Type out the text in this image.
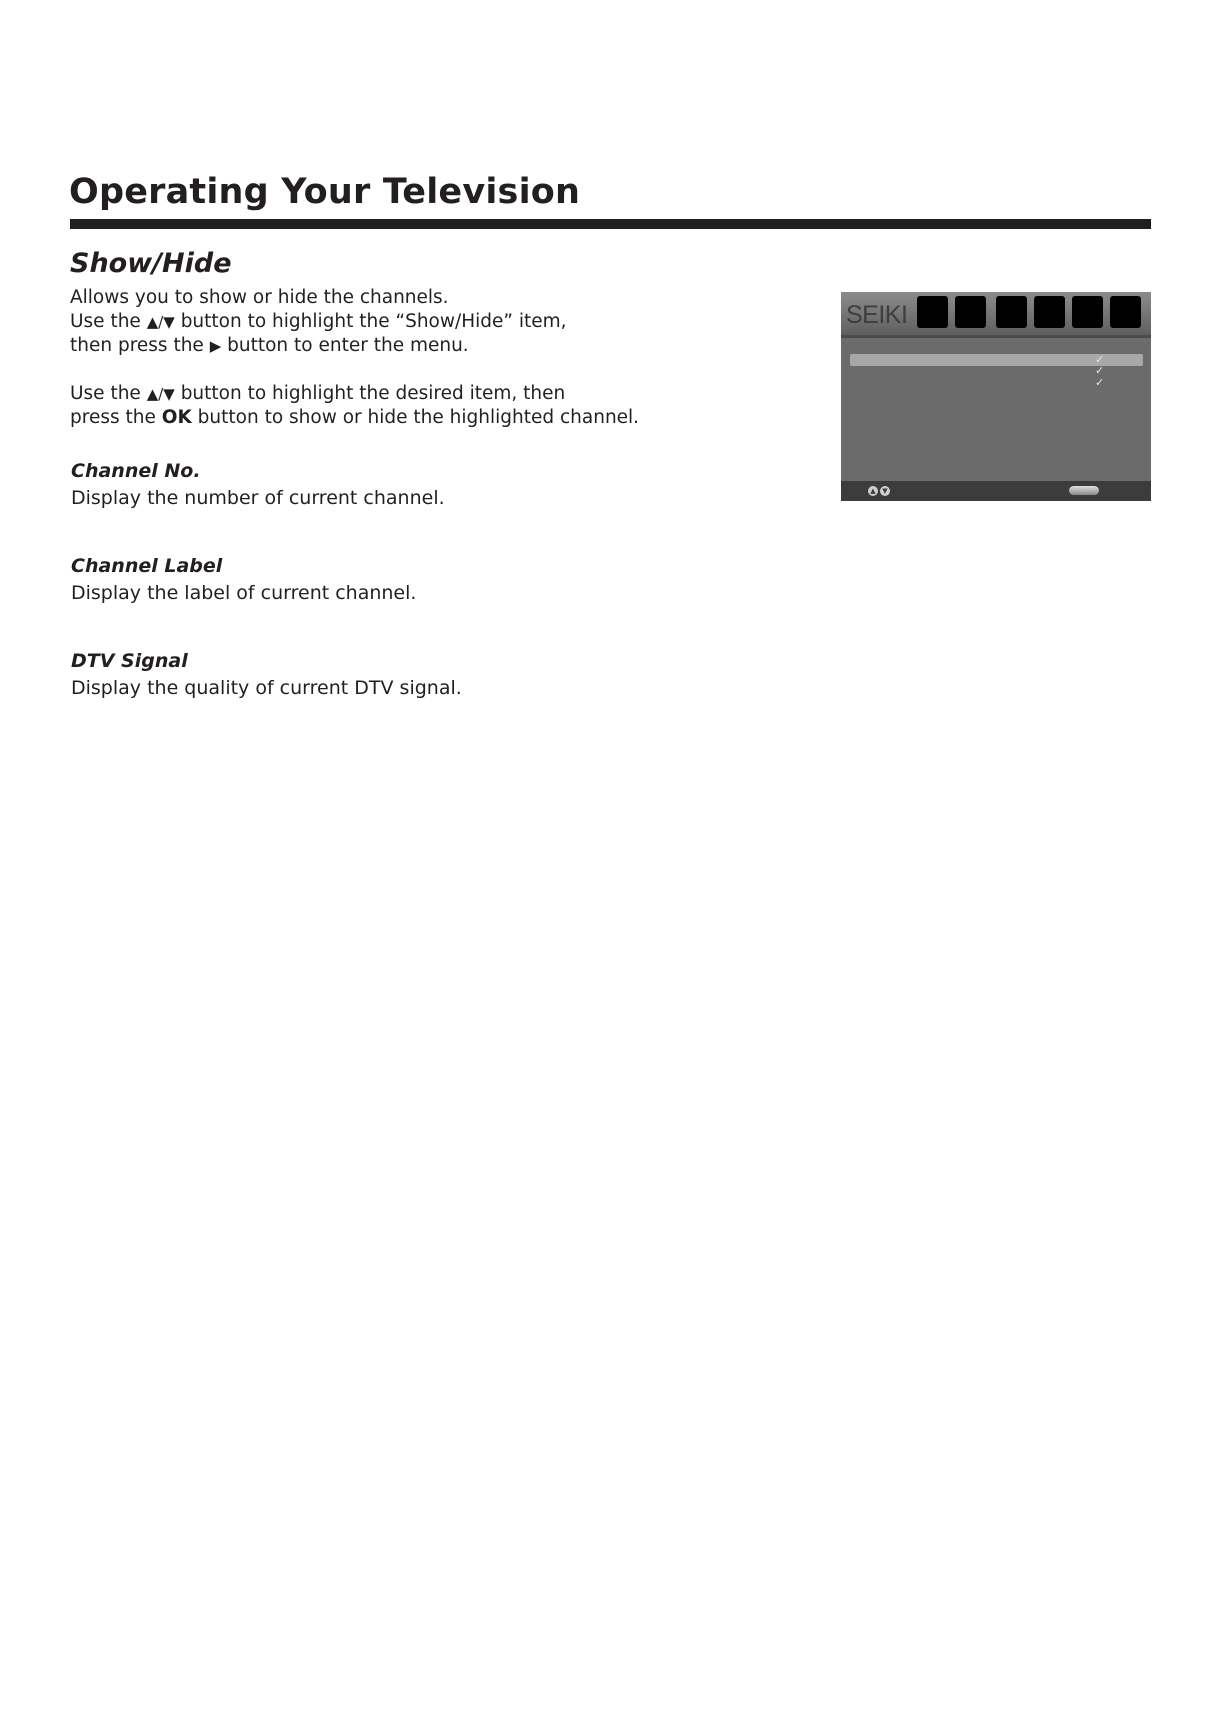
Operating Your Television
Show/Hide

Allows you to show or hide the channels.
Use the ▲/▼ button to highlight the “Show/Hide” item,
then press the ▶ button to enter the menu.

Use the ▲/▼ button to highlight the desired item, then
press the OK button to show or hide the highlighted channel.

Channel No.
Display the number of current channel.
Channel Label
Display the label of current channel.
DTV Signal
Display the quality of current DTV signal.
SEIKI
✓
✓
✓
▲ ▼
